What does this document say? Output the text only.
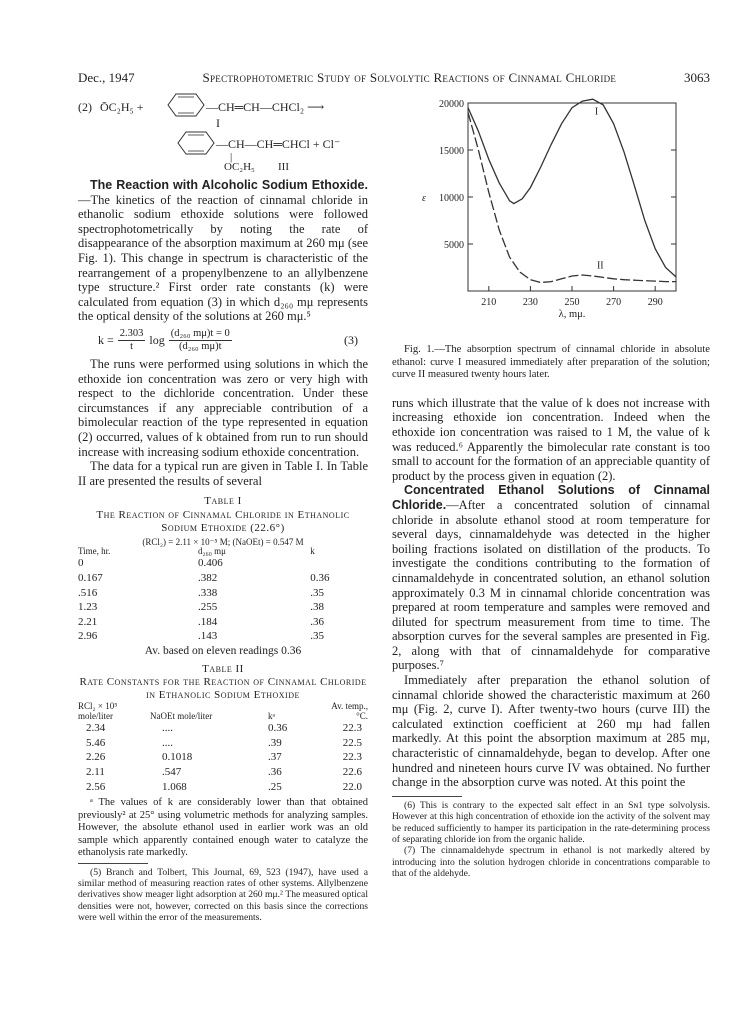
Dec., 1947	Spectrophotometric Study of Solvolytic Reactions of Cinnamal Chloride	3063
(2) ŌC₂H₅ +	—CH═CH—CHCl₂ ⟶
I
—CH—CH═CHCl + Cl⁻
|
OC₂H₅ III

The Reaction with Alcoholic Sodium Ethoxide.—The kinetics of the reaction of cinnamal chloride in ethanolic sodium ethoxide solutions were followed spectrophotometrically by noting the rate of disappearance of the absorption maximum at 260 mμ (see Fig. 1). This change in spectrum is characteristic of the rearrangement of a propenylbenzene to an allylbenzene type structure.² First order rate constants (k) were calculated from equation (3) in which d₂₆₀ mμ represents the optical density of the solutions at 260 mμ.⁵

$k = \frac{2.303}{t}$ $\log \frac{\text{(d₂₆₀ mμ)t = 0}}{\text{(d₂₆₀ mμ)t}}$	(3)

The runs were performed using solutions in which the ethoxide ion concentration was zero or very high with respect to the dichloride concentration. Under these circumstances if any appreciable contribution of a bimolecular reaction of the type represented in equation (2) occurred, values of k obtained from run to run should increase with increasing sodium ethoxide concentration.

The data for a typical run are given in Table I. In Table II are presented the results of several

Table I
The Reaction of Cinnamal Chloride in Ethanolic Sodium Ethoxide (22.6°)
(RCl₂) = 2.11 × 10⁻⁵ M; (NaOEt) = 0.547 M
Time, hr.	d₂₆₀ mμ	k
0	0.406	
0.167	.382	0.36
.516	.338	.35
1.23	.255	.38
2.21	.184	.36
2.96	.143	.35
Av. based on eleven readings 0.36
Table II
Rate Constants for the Reaction of Cinnamal Chloride in Ethanolic Sodium Ethoxide
RCl₂ × 10⁵ mole/liter	NaOEt mole/liter	kᵃ	Av. temp., °C.
2.34	....	0.36	22.3
5.46	....	.39	22.5
2.26	0.1018	.37	22.3
2.11	.547	.36	22.6
2.56	1.068	.25	22.0

ᵃ The values of k are considerably lower than that obtained previously² at 25° using volumetric methods for analyzing samples. However, the absolute ethanol used in earlier work was an old sample which apparently contained enough water to catalyze the ethanolysis rate markedly.

(5) Branch and Tolbert, This Journal, 69, 523 (1947), have used a similar method of measuring reaction rates of other systems. Allylbenzene derivatives show meager light adsorption at 260 mμ.² The measured optical densities were not, however, corrected on this basis since the corrections were well within the error of the measurements.

5000
10000
15000
20000
210	230	250	270	290
λ, mμ.
ε
I
II

Fig. 1.—The absorption spectrum of cinnamal chloride in absolute ethanol: curve I measured immediately after preparation of the solution; curve II measured twenty hours later.

runs which illustrate that the value of k does not increase with increasing ethoxide ion concentration. Indeed when the ethoxide ion concentration was raised to 1 M, the value of k was reduced.⁶ Apparently the bimolecular rate constant is too small to account for the formation of an appreciable quantity of product by the process given in equation (2).

Concentrated Ethanol Solutions of Cinnamal Chloride.—After a concentrated solution of cinnamal chloride in absolute ethanol stood at room temperature for several days, cinnamaldehyde was detected in the higher boiling fractions isolated on distillation of the products. To investigate the conditions contributing to the formation of cinnamaldehyde in concentrated solution, an ethanol solution approximately 0.3 M in cinnamal chloride concentration was prepared at room temperature and samples were removed and diluted for spectrum measurement from time to time. The absorption curves for the several samples are presented in Fig. 2, along with that of cinnamaldehyde for comparative purposes.⁷

Immediately after preparation the ethanol solution of cinnamal chloride showed the characteristic maximum at 260 mμ (Fig. 2, curve I). After twenty-two hours (curve III) the calculated extinction coefficient at 260 mμ had fallen markedly. At this point the absorption maximum at 285 mμ, characteristic of cinnamaldehyde, began to develop. After one hundred and nineteen hours curve IV was obtained. No further change in the absorption curve was noted. At this point the

(6) This is contrary to the expected salt effect in an Sɴ1 type solvolysis. However at this high concentration of ethoxide ion the activity of the solvent may be reduced sufficiently to hamper its participation in the rate-determining process of separating chloride ion from the organic halide.

(7) The cinnamaldehyde spectrum in ethanol is not markedly altered by introducing into the solution hydrogen chloride in concentrations comparable to that of the aldehyde.
